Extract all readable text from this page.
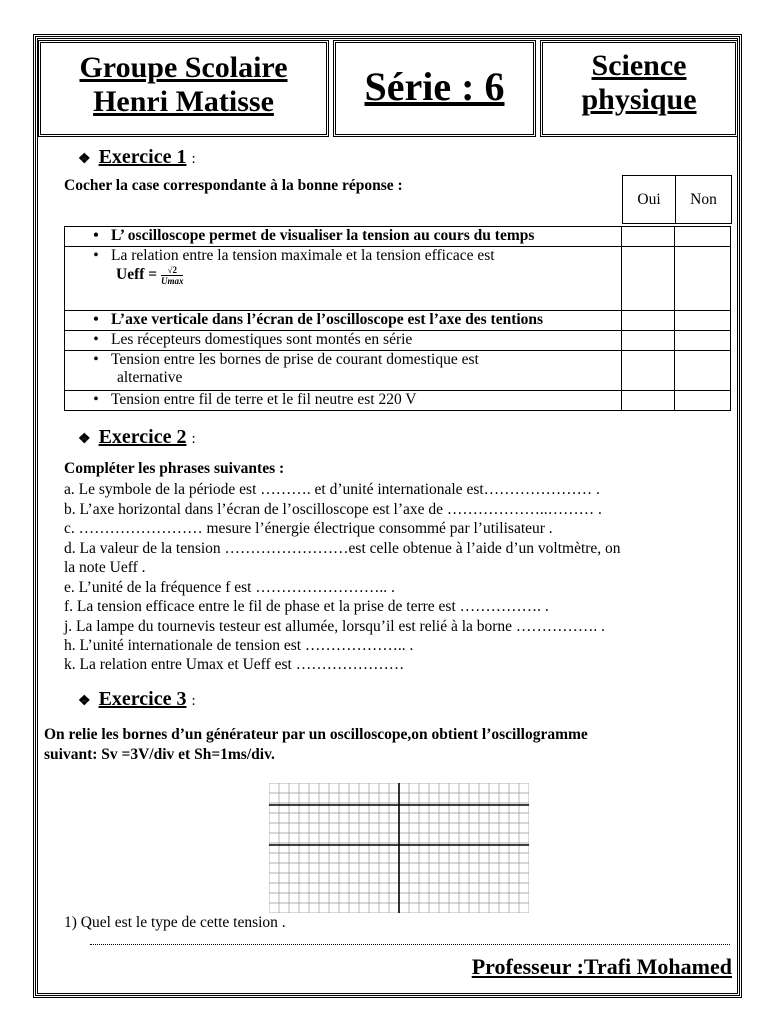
Groupe Scolaire
Henri Matisse	Série : 6	Science
physique
❖ Exercice 1 :
Cocher la case correspondante à la bonne réponse :
	Oui	Non
• L’ oscilloscope permet de visualiser la tension au cours du temps		
• La relation entre la tension maximale et la tension efficace est
Ueff = √2
Umax

• L’axe verticale dans l’écran de l’oscilloscope est l’axe des tentions		
• Les récepteurs domestiques sont montés en série		
• Tension entre les bornes de prise de courant domestique est
alternative		
• Tension entre fil de terre et le fil neutre est 220 V		
❖ Exercice 2 :
Compléter les phrases suivantes :
a. Le symbole de la période est ………. et d’unité internationale est………………… .
b. L’axe horizontal dans l’écran de l’oscilloscope est l’axe de ………………..……… .
c. …………………… mesure l’énergie électrique consommé par l’utilisateur .
d. La valeur de la tension ……………………est celle obtenue à l’aide d’un voltmètre, on
la note Ueff .
e. L’unité de la fréquence f est …………………….. .
f. La tension efficace entre le fil de phase et la prise de terre est ……………. .
j. La lampe du tournevis testeur est allumée, lorsqu’il est relié à la borne ……………. .
h. L’unité internationale de tension est ……………….. .
k. La relation entre Umax et Ueff est …………………
❖ Exercice 3 :
On relie les bornes d’un générateur par un oscilloscope,on obtient l’oscillogramme
suivant: Sv =3V/div et Sh=1ms/div.
1) Quel est le type de cette tension .
Professeur :Trafi Mohamed
